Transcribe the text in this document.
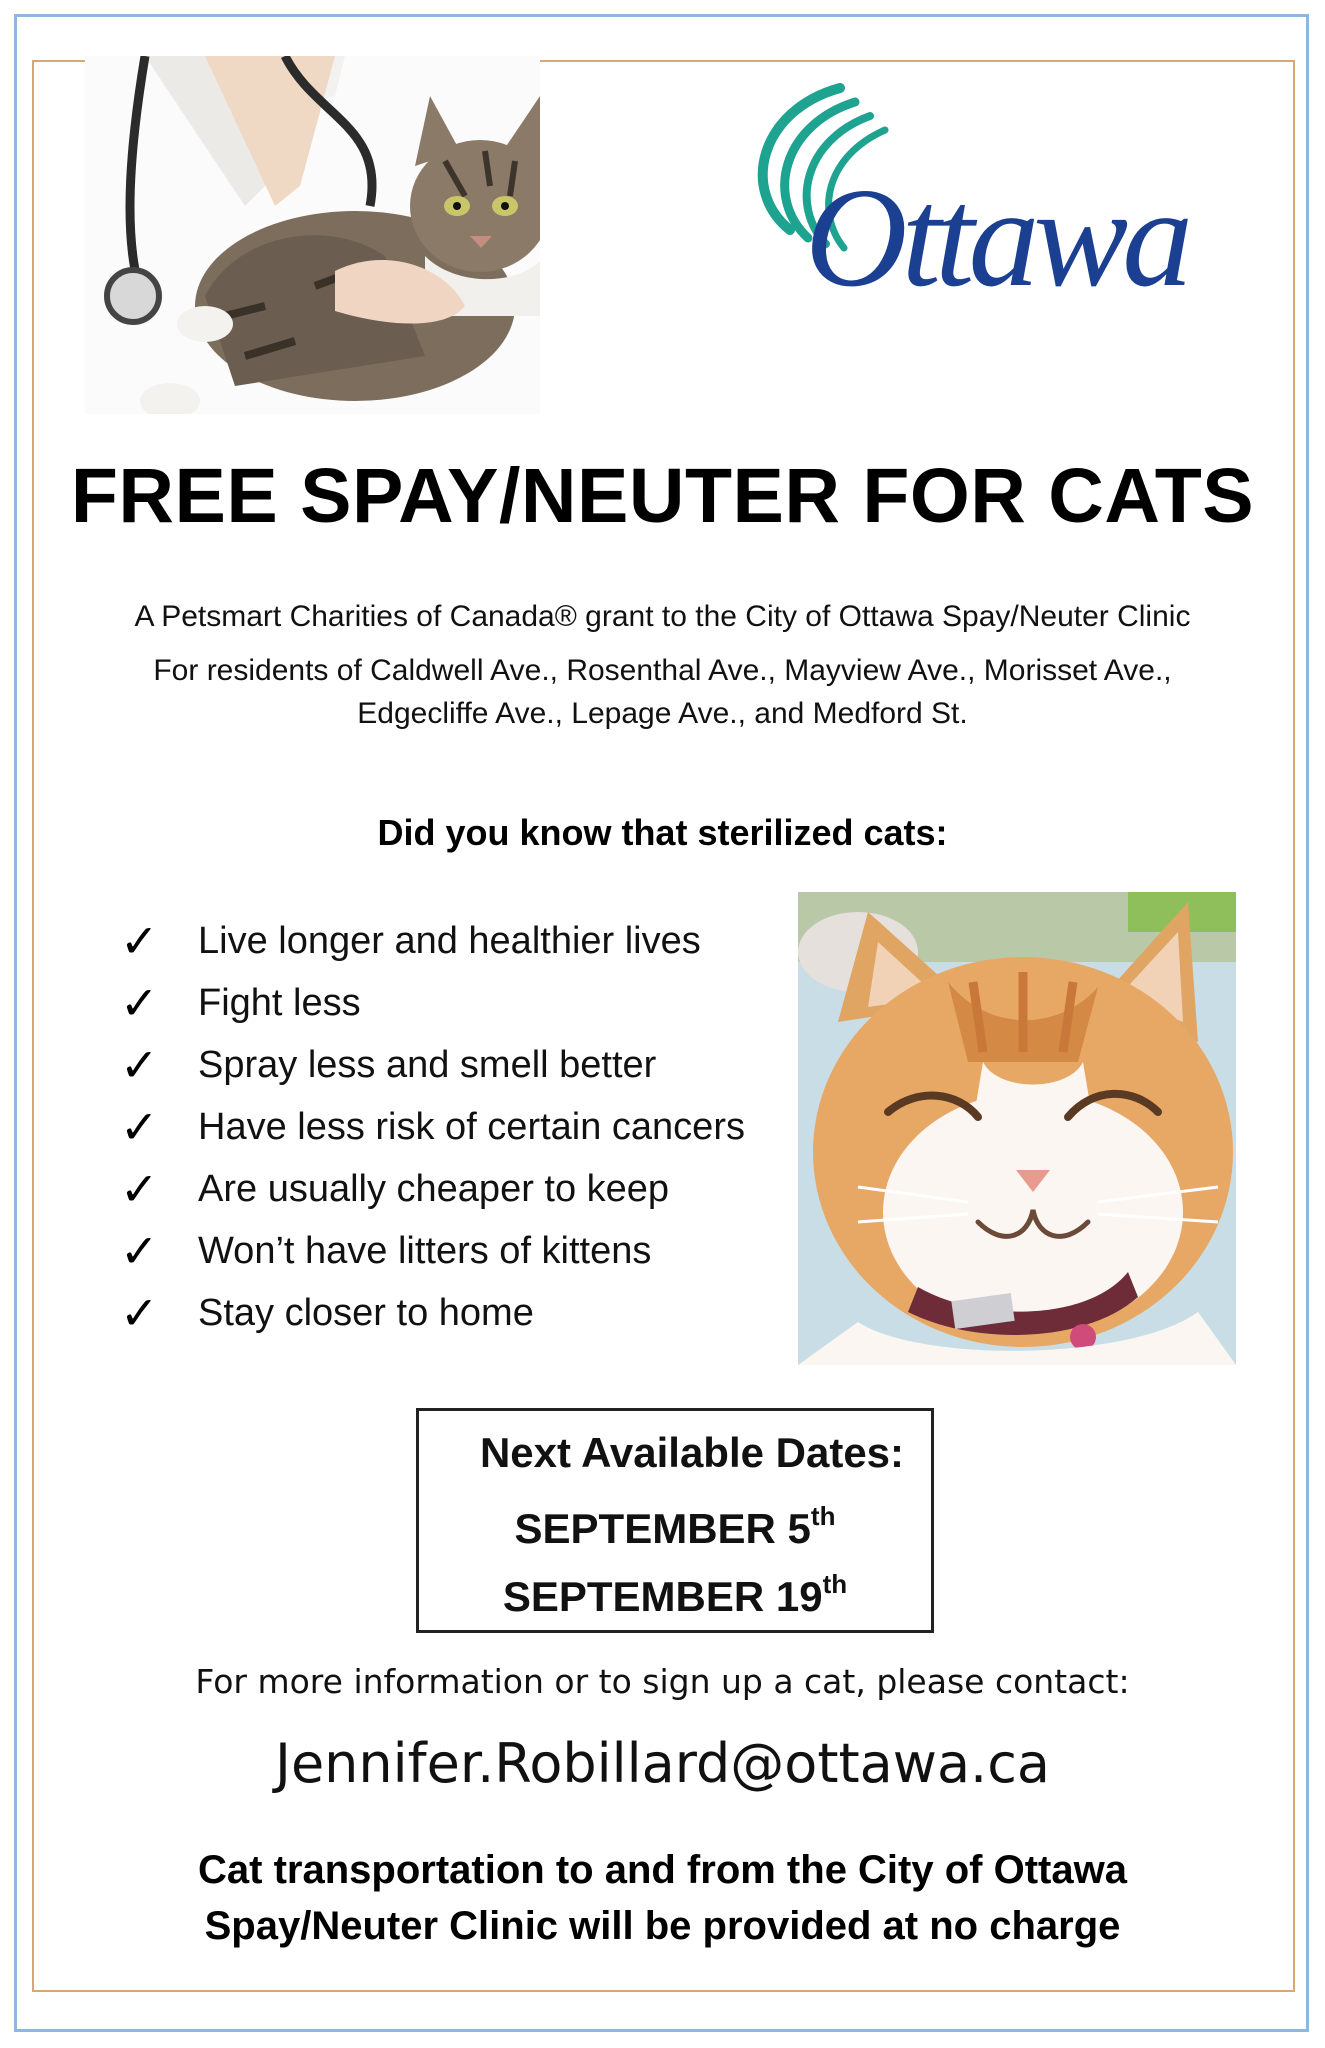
Ottawa
FREE SPAY/NEUTER FOR CATS
A Petsmart Charities of Canada® grant to the City of Ottawa Spay/Neuter Clinic
For residents of Caldwell Ave., Rosenthal Ave., Mayview Ave., Morisset Ave.,
Edgecliffe Ave., Lepage Ave., and Medford St.
Did you know that sterilized cats:
✓	Live longer and healthier lives
✓	Fight less
✓	Spray less and smell better
✓	Have less risk of certain cancers
✓	Are usually cheaper to keep
✓	Won’t have litters of kittens
✓	Stay closer to home
Next Available Dates:
SEPTEMBER 5th
SEPTEMBER 19th
For more information or to sign up a cat, please contact:
Jennifer.Robillard@ottawa.ca
Cat transportation to and from the City of Ottawa
Spay/Neuter Clinic will be provided at no charge
